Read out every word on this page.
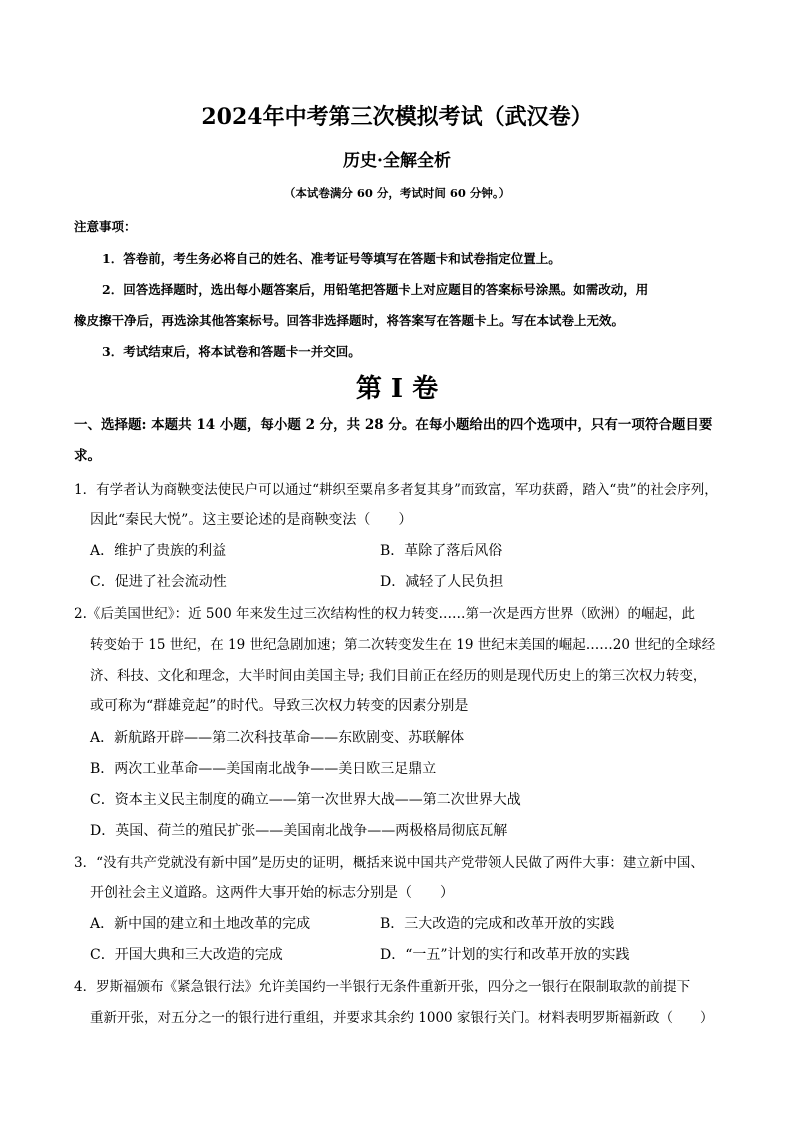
2024年中考第三次模拟考试（武汉卷）
历史·全解全析
（本试卷满分 60 分，考试时间 60 分钟。）
注意事项：
1．答卷前，考生务必将自己的姓名、准考证号等填写在答题卡和试卷指定位置上。
2．回答选择题时，选出每小题答案后，用铅笔把答题卡上对应题目的答案标号涂黑。如需改动，用
橡皮擦干净后，再选涂其他答案标号。回答非选择题时，将答案写在答题卡上。写在本试卷上无效。
3．考试结束后，将本试卷和答题卡一并交回。
第 I 卷
一、选择题: 本题共 14 小题，每小题 2 分，共 28 分。在每小题给出的四个选项中，只有一项符合题目要
求。
1．有学者认为商鞅变法使民户可以通过“耕织至粟帛多者复其身”而致富，军功获爵，踏入“贵”的社会序列，
因此“秦民大悦”。这主要论述的是商鞅变法（　　）
A．维护了贵族的利益	B．革除了落后风俗
C．促进了社会流动性	D．减轻了人民负担
2.《后美国世纪》：近 500 年来发生过三次结构性的权力转变……第一次是西方世界（欧洲）的崛起，此
转变始于 15 世纪，在 19 世纪急剧加速；第二次转变发生在 19 世纪末美国的崛起……20 世纪的全球经
济、科技、文化和理念，大半时间由美国主导; 我们目前正在经历的则是现代历史上的第三次权力转变，
或可称为“群雄竞起”的时代。导致三次权力转变的因素分别是
A．新航路开辟——第二次科技革命——东欧剧变、苏联解体
B．两次工业革命——美国南北战争——美日欧三足鼎立
C．资本主义民主制度的确立——第一次世界大战——第二次世界大战
D．英国、荷兰的殖民扩张——美国南北战争——两极格局彻底瓦解
3．“没有共产党就没有新中国”是历史的证明，概括来说中国共产党带领人民做了两件大事：建立新中国、
开创社会主义道路。这两件大事开始的标志分别是（　　）
A．新中国的建立和土地改革的完成	B．三大改造的完成和改革开放的实践
C．开国大典和三大改造的完成	D．“一五”计划的实行和改革开放的实践
4．罗斯福颁布《紧急银行法》允许美国约一半银行无条件重新开张，四分之一银行在限制取款的前提下
重新开张，对五分之一的银行进行重组，并要求其余约 1000 家银行关门。材料表明罗斯福新政（　　）
